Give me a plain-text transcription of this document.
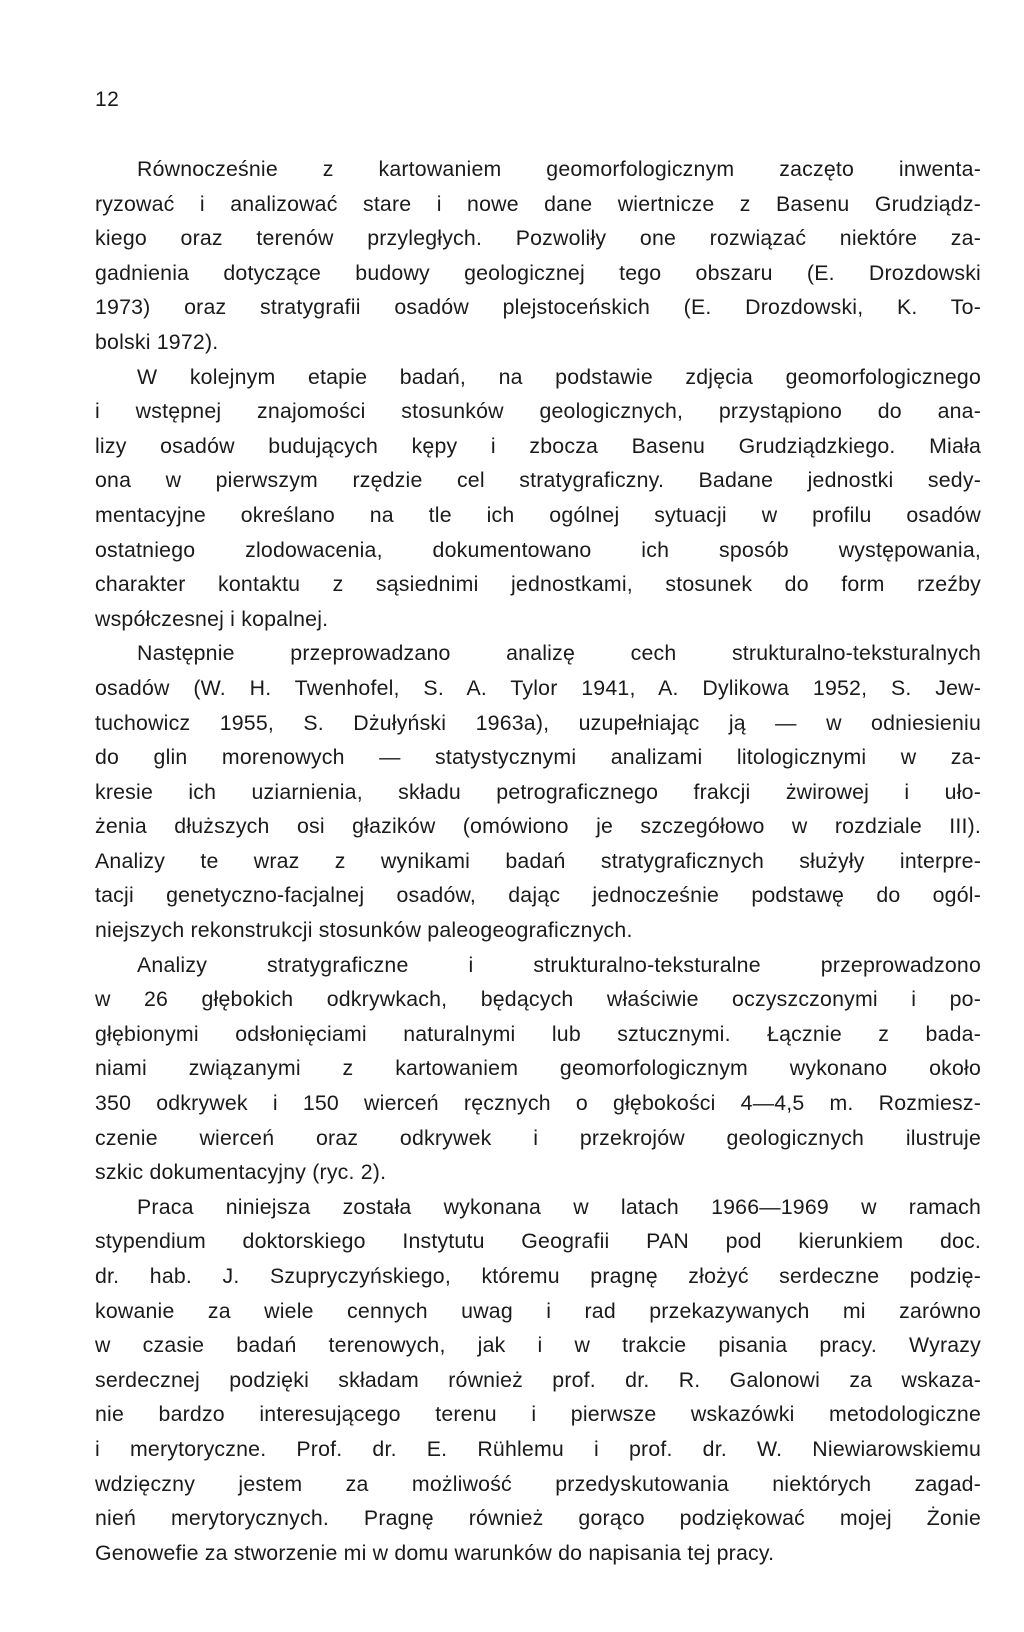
12
Równocześnie z kartowaniem geomorfologicznym zaczęto inwenta-
ryzować i analizować stare i nowe dane wiertnicze z Basenu Grudziądz-
kiego oraz terenów przyległych. Pozwoliły one rozwiązać niektóre za-
gadnienia dotyczące budowy geologicznej tego obszaru (E. Drozdowski
1973) oraz stratygrafii osadów plejstoceńskich (E. Drozdowski, K. To-
bolski 1972).
W kolejnym etapie badań, na podstawie zdjęcia geomorfologicznego
i wstępnej znajomości stosunków geologicznych, przystąpiono do ana-
lizy osadów budujących kępy i zbocza Basenu Grudziądzkiego. Miała
ona w pierwszym rzędzie cel stratygraficzny. Badane jednostki sedy-
mentacyjne określano na tle ich ogólnej sytuacji w profilu osadów
ostatniego zlodowacenia, dokumentowano ich sposób występowania,
charakter kontaktu z sąsiednimi jednostkami, stosunek do form rzeźby
współczesnej i kopalnej.
Następnie przeprowadzano analizę cech strukturalno-teksturalnych
osadów (W. H. Twenhofel, S. A. Tylor 1941, A. Dylikowa 1952, S. Jew-
tuchowicz 1955, S. Dżułyński 1963a), uzupełniając ją — w odniesieniu
do glin morenowych — statystycznymi analizami litologicznymi w za-
kresie ich uziarnienia, składu petrograficznego frakcji żwirowej i uło-
żenia dłuższych osi głazików (omówiono je szczegółowo w rozdziale III).
Analizy te wraz z wynikami badań stratygraficznych służyły interpre-
tacji genetyczno-facjalnej osadów, dając jednocześnie podstawę do ogól-
niejszych rekonstrukcji stosunków paleogeograficznych.
Analizy stratygraficzne i strukturalno-teksturalne przeprowadzono
w 26 głębokich odkrywkach, będących właściwie oczyszczonymi i po-
głębionymi odsłonięciami naturalnymi lub sztucznymi. Łącznie z bada-
niami związanymi z kartowaniem geomorfologicznym wykonano około
350 odkrywek i 150 wierceń ręcznych o głębokości 4—4,5 m. Rozmiesz-
czenie wierceń oraz odkrywek i przekrojów geologicznych ilustruje
szkic dokumentacyjny (ryc. 2).
Praca niniejsza została wykonana w latach 1966—1969 w ramach
stypendium doktorskiego Instytutu Geografii PAN pod kierunkiem doc.
dr. hab. J. Szupryczyńskiego, któremu pragnę złożyć serdeczne podzię-
kowanie za wiele cennych uwag i rad przekazywanych mi zarówno
w czasie badań terenowych, jak i w trakcie pisania pracy. Wyrazy
serdecznej podzięki składam również prof. dr. R. Galonowi za wskaza-
nie bardzo interesującego terenu i pierwsze wskazówki metodologiczne
i merytoryczne. Prof. dr. E. Rühlemu i prof. dr. W. Niewiarowskiemu
wdzięczny jestem za możliwość przedyskutowania niektórych zagad-
nień merytorycznych. Pragnę również gorąco podziękować mojej Żonie
Genowefie za stworzenie mi w domu warunków do napisania tej pracy.
